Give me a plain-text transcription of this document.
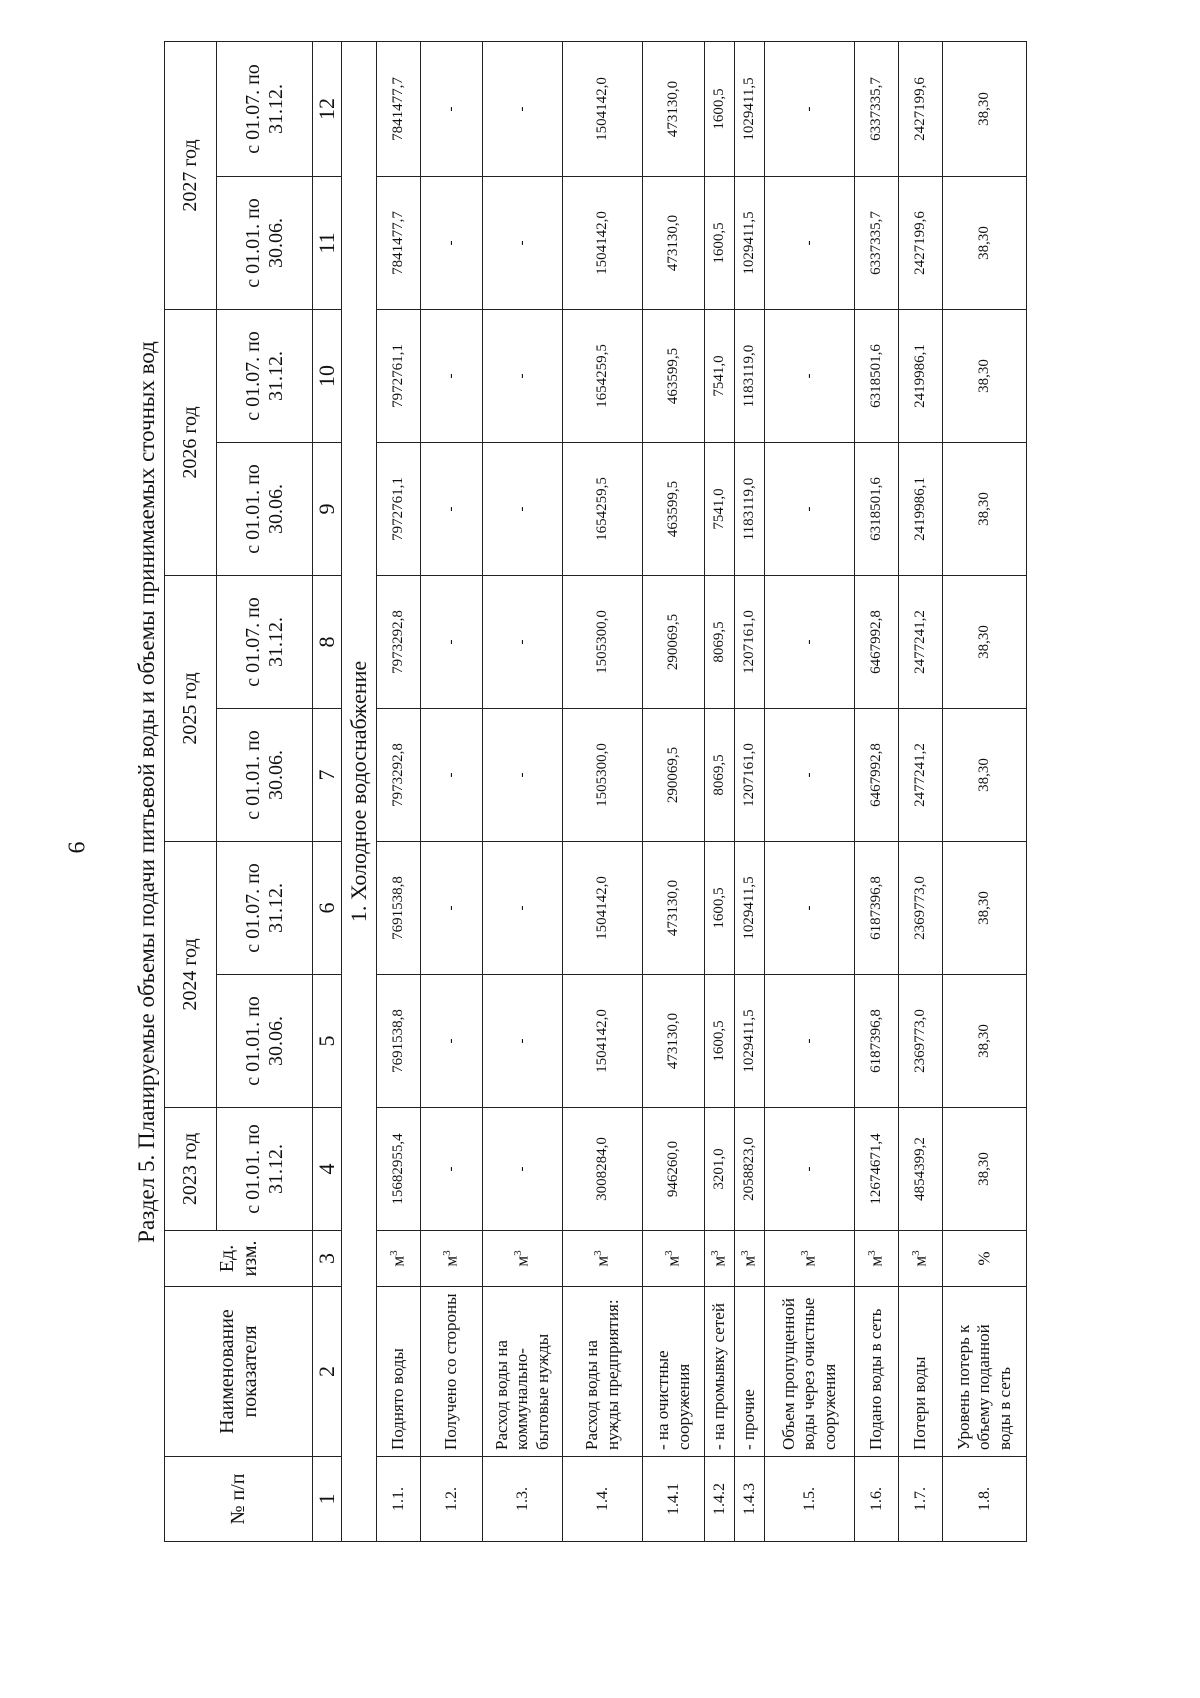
6 Раздел 5. Планируемые объемы подачи питьевой воды и объемы принимаемых сточных вод
№ п/п	Наименование показателя	Ед. изм.	2023 год	2024 год		2025 год		2026 год		2027 год	
			с 01.01. по 31.12.	с 01.01. по 30.06.	с 01.07. по 31.12.	с 01.01. по 30.06.	с 01.07. по 31.12.	с 01.01. по 30.06.	с 01.07. по 31.12.	с 01.01. по 30.06.	с 01.07. по 31.12.
1	2	3	4	5	6	7	8	9	10	11	12
1. Холодное водоснабжение											
1.1.	Поднято воды	$м^3$	15682955,4	7691538,8	7691538,8	7973292,8	7973292,8	7972761,1	7972761,1	7841477,7	7841477,7
1.2.	Получено со стороны	$м^3$	-	-	-	-	-	-	-	-	-
1.3.	Расход воды на коммунально-бытовые нужды	$м^3$	-	-	-	-	-	-	-	-	-
1.4.	Расход воды на нужды предприятия:	$м^3$	3008284,0	1504142,0	1504142,0	1505300,0	1505300,0	1654259,5	1654259,5	1504142,0	1504142,0
1.4.1	- на очистные сооружения	$м^3$	946260,0	473130,0	473130,0	290069,5	290069,5	463599,5	463599,5	473130,0	473130,0
1.4.2	- на промывку сетей	$м^3$	3201,0	1600,5	1600,5	8069,5	8069,5	7541,0	7541,0	1600,5	1600,5
1.4.3	- прочие	$м^3$	2058823,0	1029411,5	1029411,5	1207161,0	1207161,0	1183119,0	1183119,0	1029411,5	1029411,5
1.5.	Объем пропущенной воды через очистные сооружения	$м^3$	-	-	-	-	-	-	-	-	-
1.6.	Подано воды в сеть	$м^3$	12674671,4	6187396,8	6187396,8	6467992,8	6467992,8	6318501,6	6318501,6	6337335,7	6337335,7
1.7.	Потери воды	$м^3$	4854399,2	2369773,0	2369773,0	2477241,2	2477241,2	2419986,1	2419986,1	2427199,6	2427199,6
1.8.	Уровень потерь к объему поданной воды в сеть	%	38,30	38,30	38,30	38,30	38,30	38,30	38,30	38,30	38,30
